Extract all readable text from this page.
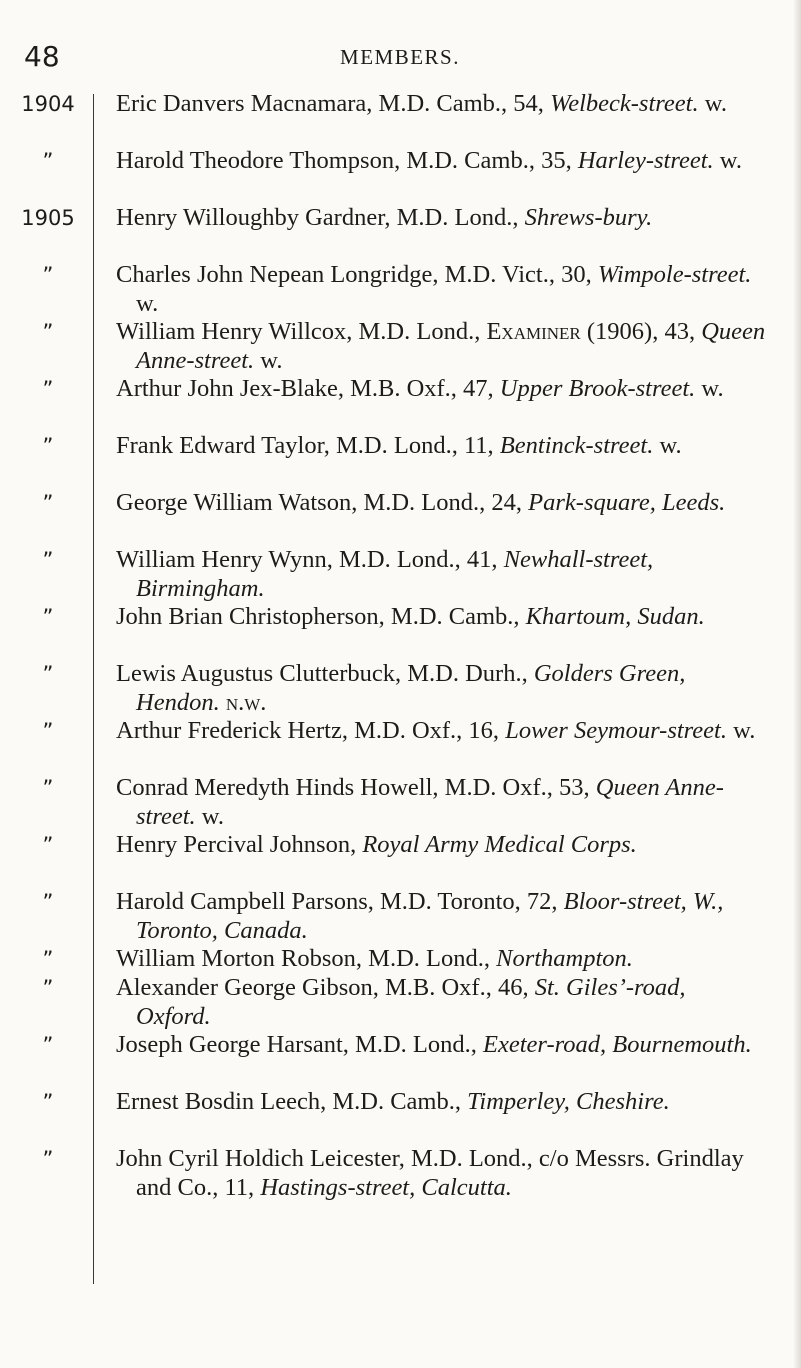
48	MEMBERS.
1904 Eric Danvers Macnamara, M.D. Camb., 54, Welbeck-street. w.
”	Harold Theodore Thompson, M.D. Camb., 35, Harley-street. w.
1905 Henry Willoughby Gardner, M.D. Lond., Shrews-bury.
”	Charles John Nepean Longridge, M.D. Vict., 30, Wimpole-street. w.
”	William Henry Willcox, M.D. Lond., Examiner (1906), 43, Queen Anne-street. w.
”	Arthur John Jex-Blake, M.B. Oxf., 47, Upper Brook-street. w.
”	Frank Edward Taylor, M.D. Lond., 11, Bentinck-street. w.
”	George William Watson, M.D. Lond., 24, Park-square, Leeds.
”	William Henry Wynn, M.D. Lond., 41, Newhall-street, Birmingham.
”	John Brian Christopherson, M.D. Camb., Khartoum, Sudan.
”	Lewis Augustus Clutterbuck, M.D. Durh., Golders Green, Hendon. n.w.
”	Arthur Frederick Hertz, M.D. Oxf., 16, Lower Seymour-street. w.
”	Conrad Meredyth Hinds Howell, M.D. Oxf., 53, Queen Anne-street. w.
”	Henry Percival Johnson, Royal Army Medical Corps.
”	Harold Campbell Parsons, M.D. Toronto, 72, Bloor-street, W., Toronto, Canada.
”	William Morton Robson, M.D. Lond., Northampton.
”	Alexander George Gibson, M.B. Oxf., 46, St. Giles’-road, Oxford.
”	Joseph George Harsant, M.D. Lond., Exeter-road, Bournemouth.
”	Ernest Bosdin Leech, M.D. Camb., Timperley, Cheshire.
”	John Cyril Holdich Leicester, M.D. Lond., c/o Messrs. Grindlay and Co., 11, Hastings-street, Calcutta.
